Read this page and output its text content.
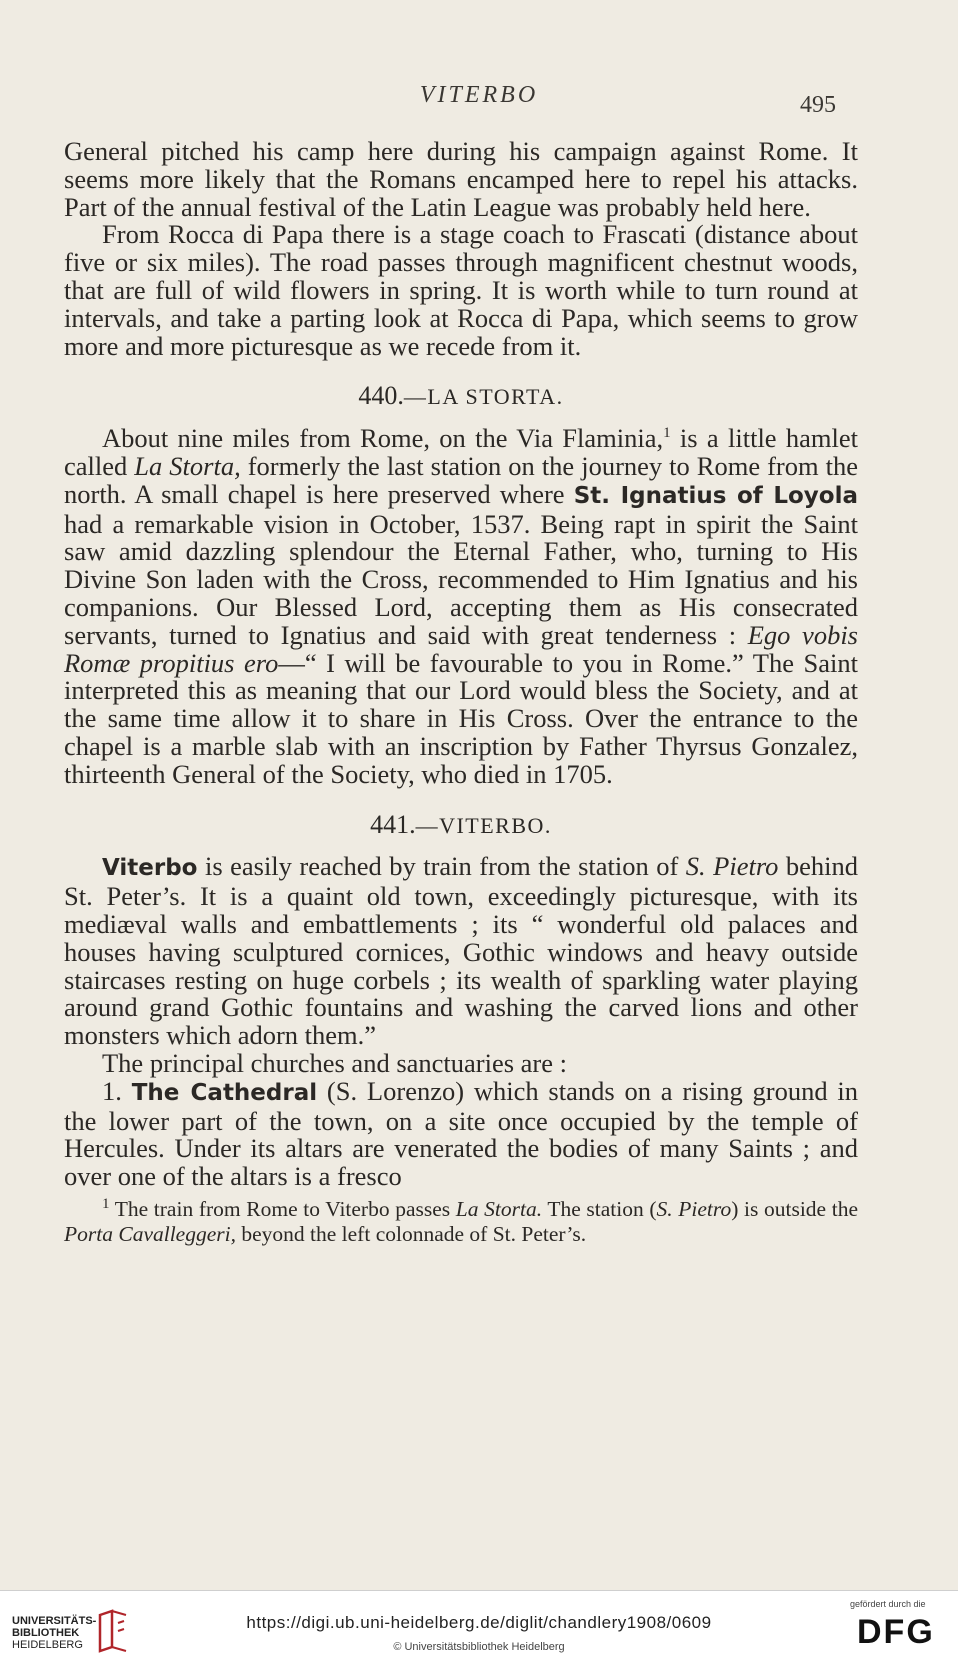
VITERBO	495

General pitched his camp here during his campaign against Rome. It seems more likely that the Romans encamped here to repel his attacks. Part of the annual festival of the Latin League was probably held here.

From Rocca di Papa there is a stage coach to Frascati (distance about five or six miles). The road passes through magnificent chestnut woods, that are full of wild flowers in spring. It is worth while to turn round at intervals, and take a parting look at Rocca di Papa, which seems to grow more and more picturesque as we recede from it.

440.—LA STORTA.

About nine miles from Rome, on the Via Flaminia,$^1$ is a little hamlet called La Storta, formerly the last station on the journey to Rome from the north. A small chapel is here preserved where St. Ignatius of Loyola had a remarkable vision in October, 1537. Being rapt in spirit the Saint saw amid dazzling splendour the Eternal Father, who, turning to His Divine Son laden with the Cross, recommended to Him Ignatius and his companions. Our Blessed Lord, accepting them as His consecrated servants, turned to Ignatius and said with great tenderness : Ego vobis Romæ propitius ero—“ I will be favourable to you in Rome.” The Saint interpreted this as meaning that our Lord would bless the Society, and at the same time allow it to share in His Cross. Over the entrance to the chapel is a marble slab with an inscription by Father Thyrsus Gonzalez, thirteenth General of the Society, who died in 1705.

441.—VITERBO.

Viterbo is easily reached by train from the station of S. Pietro behind St. Peter’s. It is a quaint old town, exceedingly picturesque, with its mediæval walls and embattlements ; its “ wonderful old palaces and houses having sculptured cornices, Gothic windows and heavy outside staircases resting on huge corbels ; its wealth of sparkling water playing around grand Gothic fountains and washing the carved lions and other monsters which adorn them.”

The principal churches and sanctuaries are :

1. The Cathedral (S. Lorenzo) which stands on a rising ground in the lower part of the town, on a site once occupied by the temple of Hercules. Under its altars are venerated the bodies of many Saints ; and over one of the altars is a fresco

$^1$ The train from Rome to Viterbo passes La Storta. The station (S. Pietro) is outside the Porta Cavalleggeri, beyond the left colonnade of St. Peter’s.

UNIVERSITÄTS-
BIBLIOTHEK
HEIDELBERG
https://digi.ub.uni-heidelberg.de/diglit/chandlery1908/0609
© Universitätsbibliothek Heidelberg
gefördert durch die
DFG
